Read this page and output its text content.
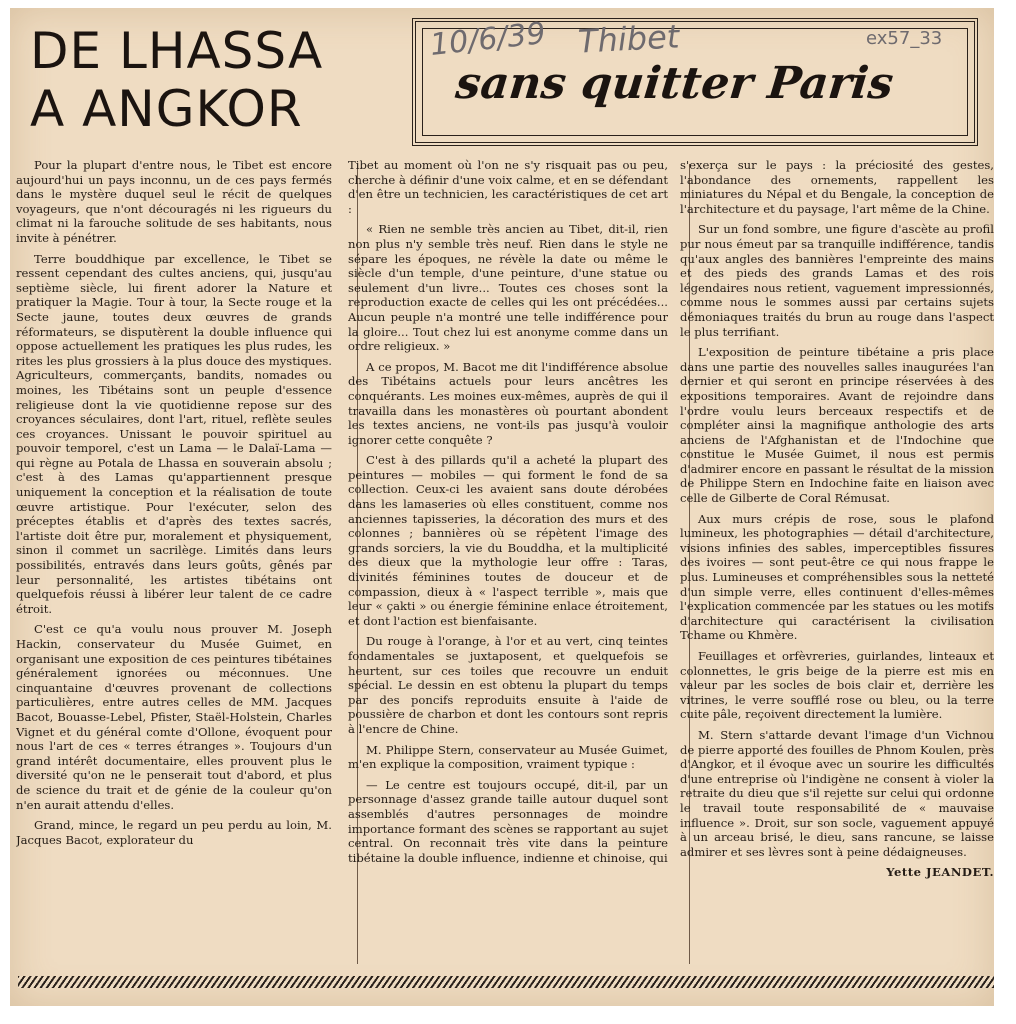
DE LHASSA
A ANGKOR	sans quitter Paris
10/6/39 Thibet	ex57_33

Pour la plupart d'entre nous, le Tibet est encore aujourd'hui un pays inconnu, un de ces pays fermés dans le mystère duquel seul le récit de quelques voyageurs, que n'ont découragés ni les rigueurs du climat ni la farouche solitude de ses habitants, nous invite à pénétrer.

Terre bouddhique par excellence, le Tibet se ressent cependant des cultes anciens, qui, jusqu'au septième siècle, lui firent adorer la Nature et pratiquer la Magie. Tour à tour, la Secte rouge et la Secte jaune, toutes deux œuvres de grands réformateurs, se disputèrent la double influence qui oppose actuellement les pratiques les plus rudes, les rites les plus grossiers à la plus douce des mystiques. Agriculteurs, commerçants, bandits, nomades ou moines, les Tibétains sont un peuple d'essence religieuse dont la vie quotidienne repose sur des croyances séculaires, dont l'art, rituel, reflète seules ces croyances. Unissant le pouvoir spirituel au pouvoir temporel, c'est un Lama — le Dalaï-Lama — qui règne au Potala de Lhassa en souverain absolu ; c'est à des Lamas qu'appartiennent presque uniquement la conception et la réalisation de toute œuvre artistique. Pour l'exécuter, selon des préceptes établis et d'après des textes sacrés, l'artiste doit être pur, moralement et physiquement, sinon il commet un sacrilège. Limités dans leurs possibilités, entravés dans leurs goûts, gênés par leur personnalité, les artistes tibétains ont quelquefois réussi à libérer leur talent de ce cadre étroit.

C'est ce qu'a voulu nous prouver M. Joseph Hackin, conservateur du Musée Guimet, en organisant une exposition de ces peintures tibétaines généralement ignorées ou méconnues. Une cinquantaine d'œuvres provenant de collections particulières, entre autres celles de MM. Jacques Bacot, Bouasse-Lebel, Pfister, Staël-Holstein, Charles Vignet et du général comte d'Ollone, évoquent pour nous l'art de ces « terres étranges ». Toujours d'un grand intérêt documentaire, elles prouvent plus le diversité qu'on ne le penserait tout d'abord, et plus de science du trait et de génie de la couleur qu'on n'en aurait attendu d'elles.

Grand, mince, le regard un peu perdu au loin, M. Jacques Bacot, explorateur du

Tibet au moment où l'on ne s'y risquait pas ou peu, cherche à définir d'une voix calme, et en se défendant d'en être un technicien, les caractéristiques de cet art :

« Rien ne semble très ancien au Tibet, dit-il, rien non plus n'y semble très neuf. Rien dans le style ne sépare les époques, ne révèle la date ou même le siècle d'un temple, d'une peinture, d'une statue ou seulement d'un livre... Toutes ces choses sont la reproduction exacte de celles qui les ont précédées... Aucun peuple n'a montré une telle indifférence pour la gloire... Tout chez lui est anonyme comme dans un ordre religieux. »

A ce propos, M. Bacot me dit l'indifférence absolue des Tibétains actuels pour leurs ancêtres les conquérants. Les moines eux-mêmes, auprès de qui il travailla dans les monastères où pourtant abondent les textes anciens, ne vont-ils pas jusqu'à vouloir ignorer cette conquête ?

C'est à des pillards qu'il a acheté la plupart des peintures — mobiles — qui forment le fond de sa collection. Ceux-ci les avaient sans doute dérobées dans les lamaseries où elles constituent, comme nos anciennes tapisseries, la décoration des murs et des colonnes ; bannières où se répètent l'image des grands sorciers, la vie du Bouddha, et la multiplicité des dieux que la mythologie leur offre : Taras, divinités féminines toutes de douceur et de compassion, dieux à « l'aspect terrible », mais que leur « çakti » ou énergie féminine enlace étroitement, et dont l'action est bienfaisante.

Du rouge à l'orange, à l'or et au vert, cinq teintes fondamentales se juxtaposent, et quelquefois se heurtent, sur ces toiles que recouvre un enduit spécial. Le dessin en est obtenu la plupart du temps par des poncifs reproduits ensuite à l'aide de poussière de charbon et dont les contours sont repris à l'encre de Chine.

M. Philippe Stern, conservateur au Musée Guimet, m'en explique la composition, vraiment typique :

— Le centre est toujours occupé, dit-il, par un personnage d'assez grande taille autour duquel sont assemblés d'autres personnages de moindre importance formant des scènes se rapportant au sujet central. On reconnait très vite dans la peinture tibétaine la double influence, indienne et chinoise, qui

s'exerça sur le pays : la préciosité des gestes, l'abondance des ornements, rappellent les miniatures du Népal et du Bengale, la conception de l'architecture et du paysage, l'art même de la Chine.

Sur un fond sombre, une figure d'ascète au profil pur nous émeut par sa tranquille indifférence, tandis qu'aux angles des bannières l'empreinte des mains et des pieds des grands Lamas et des rois légendaires nous retient, vaguement impressionnés, comme nous le sommes aussi par certains sujets démoniaques traités du brun au rouge dans l'aspect le plus terrifiant.

L'exposition de peinture tibétaine a pris place dans une partie des nouvelles salles inaugurées l'an dernier et qui seront en principe réservées à des expositions temporaires. Avant de rejoindre dans l'ordre voulu leurs berceaux respectifs et de compléter ainsi la magnifique anthologie des arts anciens de l'Afghanistan et de l'Indochine que constitue le Musée Guimet, il nous est permis d'admirer encore en passant le résultat de la mission de Philippe Stern en Indochine faite en liaison avec celle de Gilberte de Coral Rémusat.

Aux murs crépis de rose, sous le plafond lumineux, les photographies — détail d'architecture, visions infinies des sables, imperceptibles fissures des ivoires — sont peut-être ce qui nous frappe le plus. Lumineuses et compréhensibles sous la netteté d'un simple verre, elles continuent d'elles-mêmes l'explication commencée par les statues ou les motifs d'architecture qui caractérisent la civilisation Tchame ou Khmère.

Feuillages et orfèvreries, guirlandes, linteaux et colonnettes, le gris beige de la pierre est mis en valeur par les socles de bois clair et, derrière les vitrines, le verre soufflé rose ou bleu, ou la terre cuite pâle, reçoivent directement la lumière.

M. Stern s'attarde devant l'image d'un Vichnou de pierre apporté des fouilles de Phnom Koulen, près d'Angkor, et il évoque avec un sourire les difficultés d'une entreprise où l'indigène ne consent à violer la retraite du dieu que s'il rejette sur celui qui ordonne le travail toute responsabilité de « mauvaise influence ». Droit, sur son socle, vaguement appuyé à un arceau brisé, le dieu, sans rancune, se laisse admirer et ses lèvres sont à peine dédaigneuses.

Yette JEANDET.
